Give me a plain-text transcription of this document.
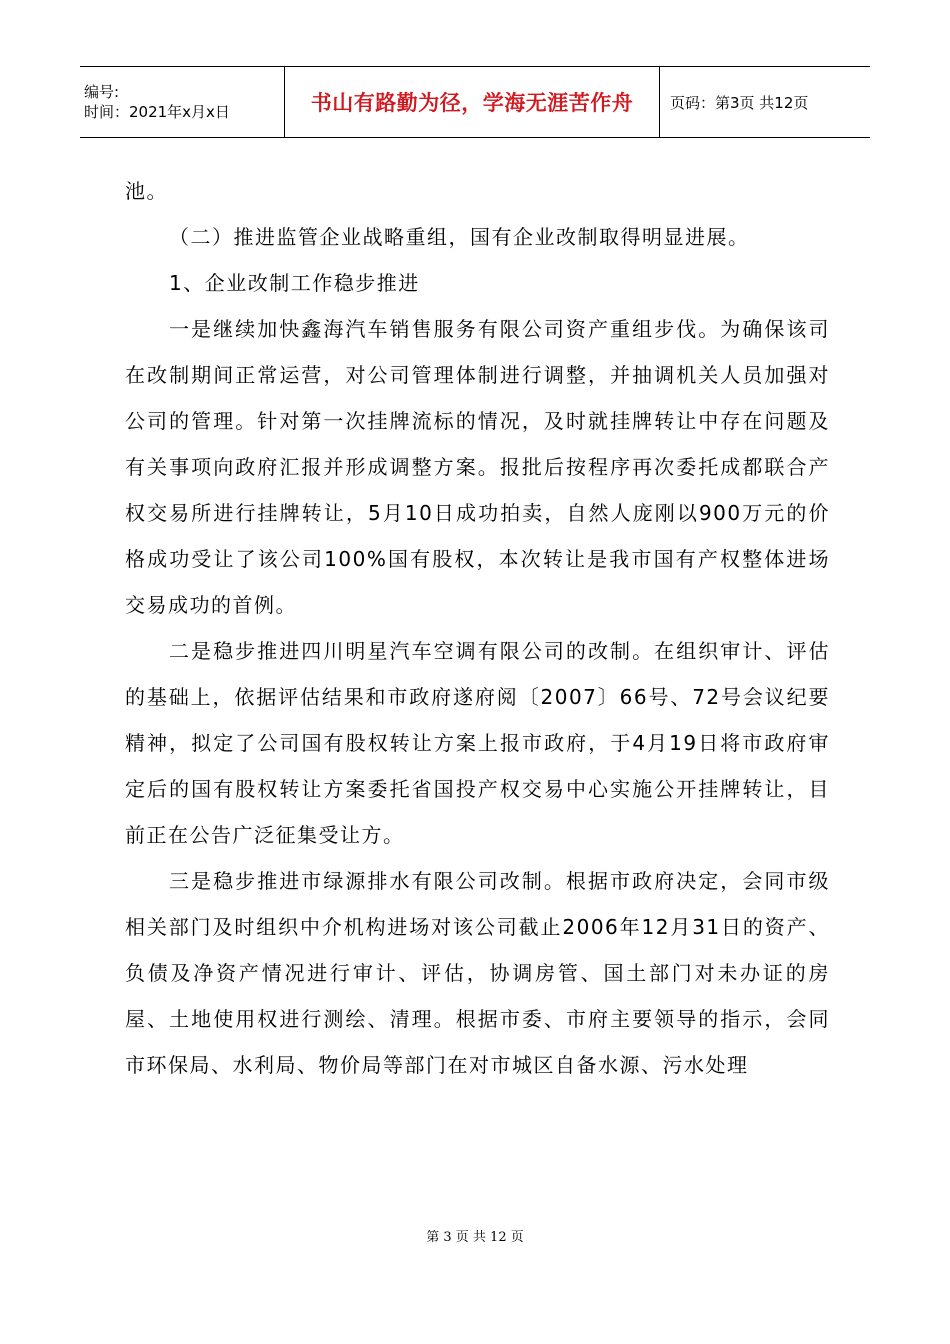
编号:
时间：2021年x月x日	书山有路勤为径，学海无涯苦作舟	页码：第3页 共12页

池。

（二）推进监管企业战略重组，国有企业改制取得明显进展。

1、企业改制工作稳步推进

一是继续加快鑫海汽车销售服务有限公司资产重组步伐。为确保该司在改制期间正常运营，对公司管理体制进行调整，并抽调机关人员加强对公司的管理。针对第一次挂牌流标的情况，及时就挂牌转让中存在问题及有关事项向政府汇报并形成调整方案。报批后按程序再次委托成都联合产权交易所进行挂牌转让，5月10日成功拍卖，自然人庞刚以900万元的价格成功受让了该公司100%国有股权，本次转让是我市国有产权整体进场交易成功的首例。

二是稳步推进四川明星汽车空调有限公司的改制。在组织审计、评估的基础上，依据评估结果和市政府遂府阅〔2007〕66号、72号会议纪要精神，拟定了公司国有股权转让方案上报市政府，于4月19日将市政府审定后的国有股权转让方案委托省国投产权交易中心实施公开挂牌转让，目前正在公告广泛征集受让方。

三是稳步推进市绿源排水有限公司改制。根据市政府决定，会同市级相关部门及时组织中介机构进场对该公司截止2006年12月31日的资产、负债及净资产情况进行审计、评估，协调房管、国土部门对未办证的房屋、土地使用权进行测绘、清理。根据市委、市府主要领导的指示，会同市环保局、水利局、物价局等部门在对市城区自备水源、污水处理

第 3 页 共 12 页
